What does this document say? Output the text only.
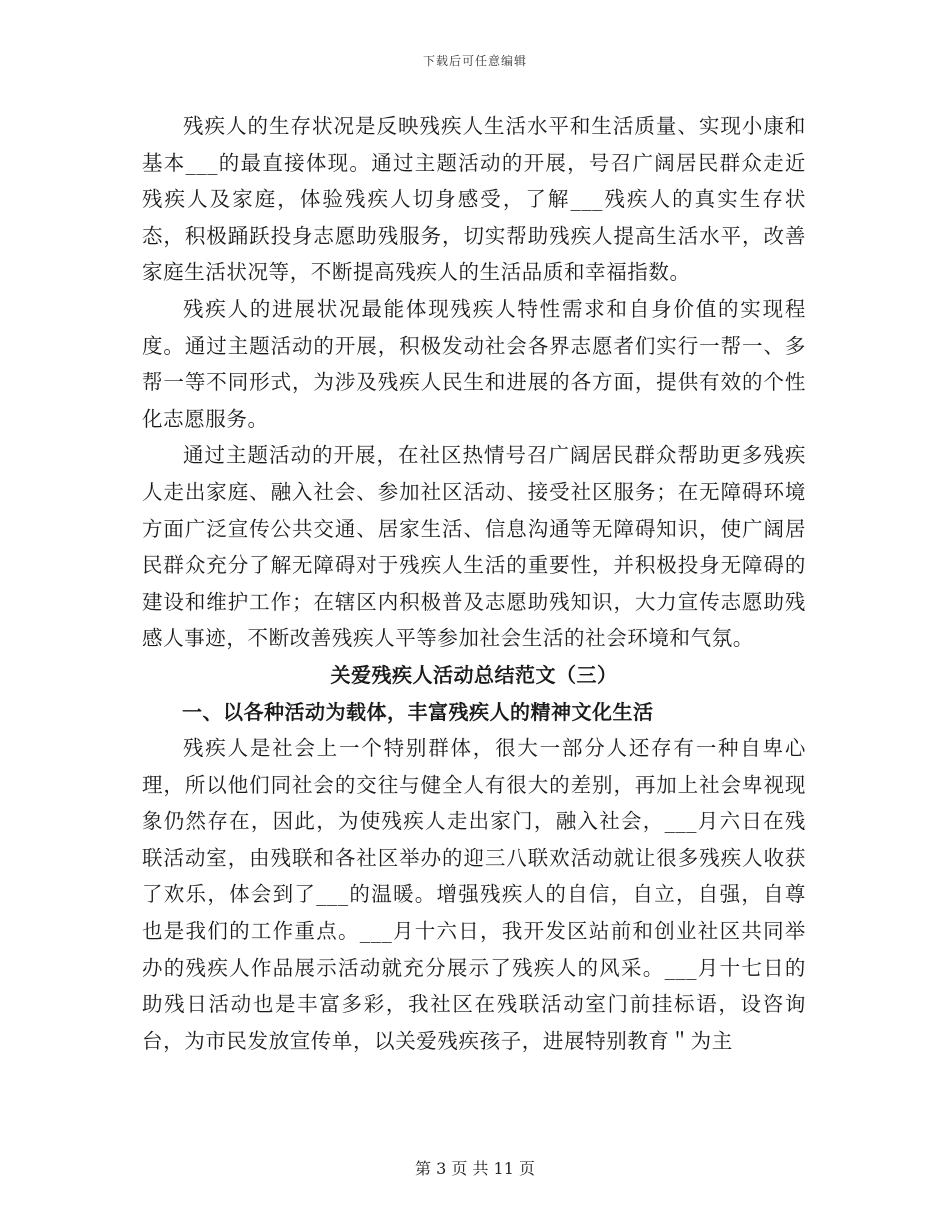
下载后可任意编辑

残疾人的生存状况是反映残疾人生活水平和生活质量、实现小康和基本___的最直接体现。通过主题活动的开展，号召广阔居民群众走近残疾人及家庭，体验残疾人切身感受，了解___残疾人的真实生存状态，积极踊跃投身志愿助残服务，切实帮助残疾人提高生活水平，改善家庭生活状况等，不断提高残疾人的生活品质和幸福指数。

残疾人的进展状况最能体现残疾人特性需求和自身价值的实现程度。通过主题活动的开展，积极发动社会各界志愿者们实行一帮一、多帮一等不同形式，为涉及残疾人民生和进展的各方面，提供有效的个性化志愿服务。

通过主题活动的开展，在社区热情号召广阔居民群众帮助更多残疾人走出家庭、融入社会、参加社区活动、接受社区服务；在无障碍环境方面广泛宣传公共交通、居家生活、信息沟通等无障碍知识，使广阔居民群众充分了解无障碍对于残疾人生活的重要性，并积极投身无障碍的建设和维护工作；在辖区内积极普及志愿助残知识，大力宣传志愿助残感人事迹，不断改善残疾人平等参加社会生活的社会环境和气氛。

关爱残疾人活动总结范文（三）
一、以各种活动为载体，丰富残疾人的精神文化生活

残疾人是社会上一个特别群体，很大一部分人还存有一种自卑心理，所以他们同社会的交往与健全人有很大的差别，再加上社会卑视现象仍然存在，因此，为使残疾人走出家门，融入社会，___月六日在残联活动室，由残联和各社区举办的迎三八联欢活动就让很多残疾人收获了欢乐，体会到了___的温暖。增强残疾人的自信，自立，自强，自尊也是我们的工作重点。___月十六日，我开发区站前和创业社区共同举办的残疾人作品展示活动就充分展示了残疾人的风采。___月十七日的助残日活动也是丰富多彩，我社区在残联活动室门前挂标语，设咨询台，为市民发放宣传单，以关爱残疾孩子，进展特别教育＂为主

第 3 页 共 11 页
